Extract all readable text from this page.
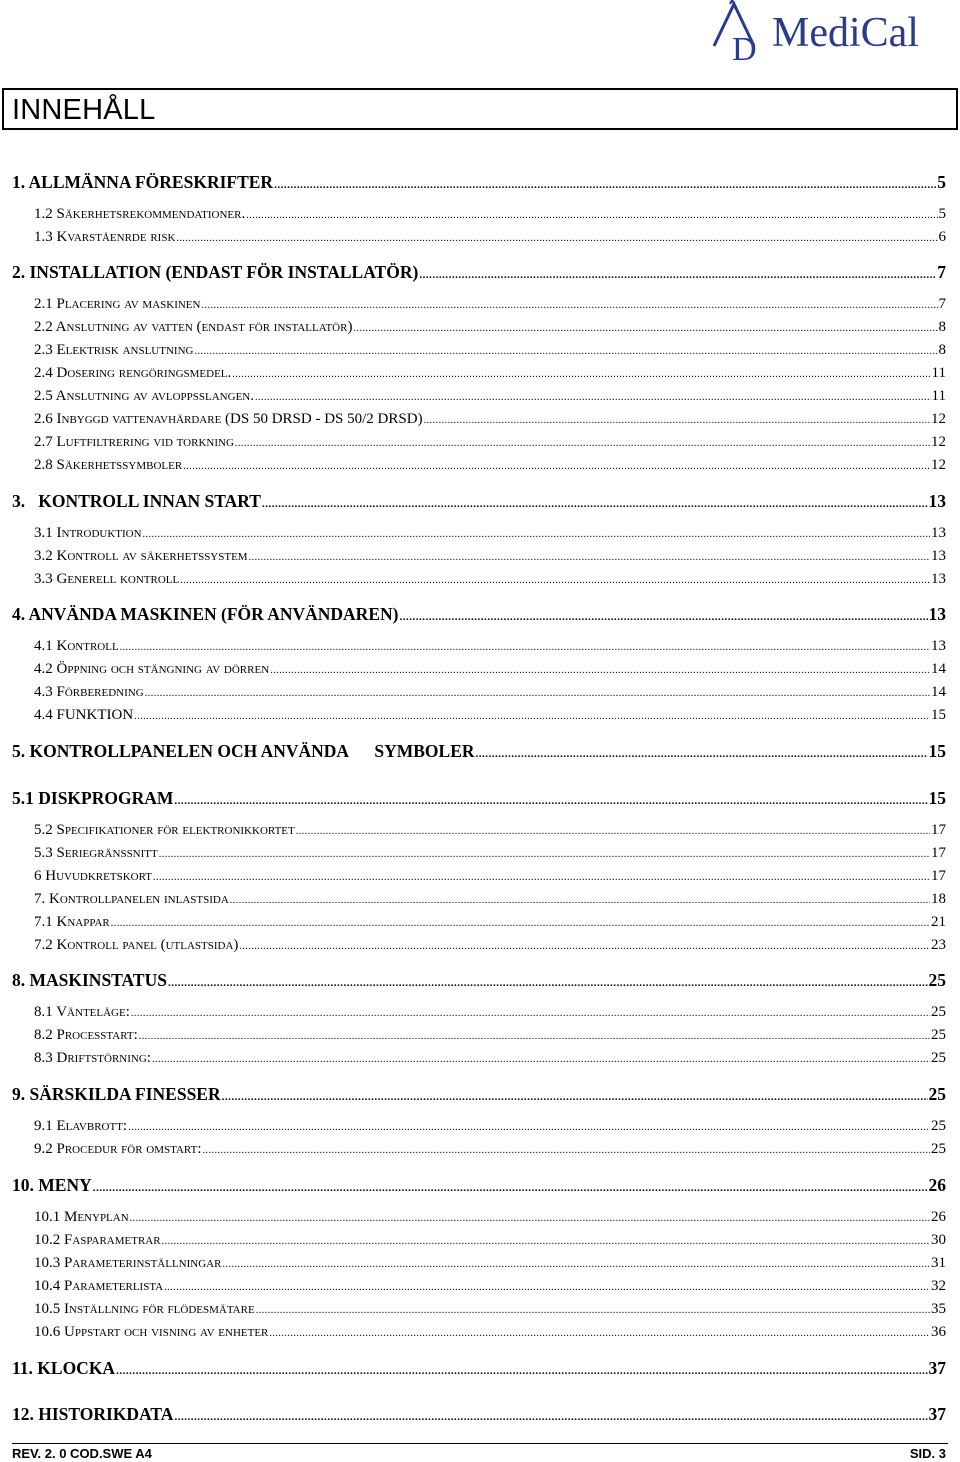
D MediCal
INNEHÅLL
1. ALLMÄNNA FÖRESKRIFTER .....	5
1.2 Säkerhetsrekommendationer. .....	5
1.3 Kvarståenrde risk .....	6
2. INSTALLATION (ENDAST FÖR INSTALLATÖR) .....	7
2.1 Placering av maskinen .....	7
2.2 Anslutning av vatten (endast för installatör) .....	8
2.3 Elektrisk anslutning .....	8
2.4 Dosering rengöringsmedel. .....	11
2.5 Anslutning av avloppsslangen. .....	11
2.6 Inbyggd vattenavhärdare (DS 50 DRSD - DS 50/2 DRSD) .....	12
2.7 Luftfiltrering vid torkning .....	12
2.8 Säkerhetssymboler .....	12
3.   KONTROLL INNAN START .....	13
3.1 Introduktion .....	13
3.2 Kontroll av säkerhetssystem .....	13
3.3 Generell kontroll .....	13
4. ANVÄNDA MASKINEN (FÖR ANVÄNDAREN) .....	13
4.1 Kontroll .....	13
4.2 Öppning och stängning av dörren .....	14
4.3 Förberedning .....	14
4.4 FUNKTION .....	15
5. KONTROLLPANELEN OCH ANVÄNDA      SYMBOLER .....	15
5.1 DISKPROGRAM .....	15
5.2 Specifikationer för elektronikkortet .....	17
5.3 Seriegränssnitt .....	17
6 Huvudkretskort .....	17
7. Kontrollpanelen inlastsida .....	18
7.1 Knappar .....	21
7.2 Kontroll panel (utlastsida) .....	23
8. MASKINSTATUS .....	25
8.1 Vänteläge: .....	25
8.2 Processtart: .....	25
8.3 Driftstörning: .....	25
9. SÄRSKILDA FINESSER .....	25
9.1 Elavbrott: .....	25
9.2 Procedur för omstart: .....	25
10. MENY .....	26
10.1 Menyplan .....	26
10.2 Fasparametrar .....	30
10.3 Parameterinställningar .....	31
10.4 Parameterlista .....	32
10.5 Inställning för flödesmätare .....	35
10.6 Uppstart och visning av enheter .....	36
11. KLOCKA .....	37
12. HISTORIKDATA .....	37
REV. 2. 0 COD.SWE A4	SID. 3
